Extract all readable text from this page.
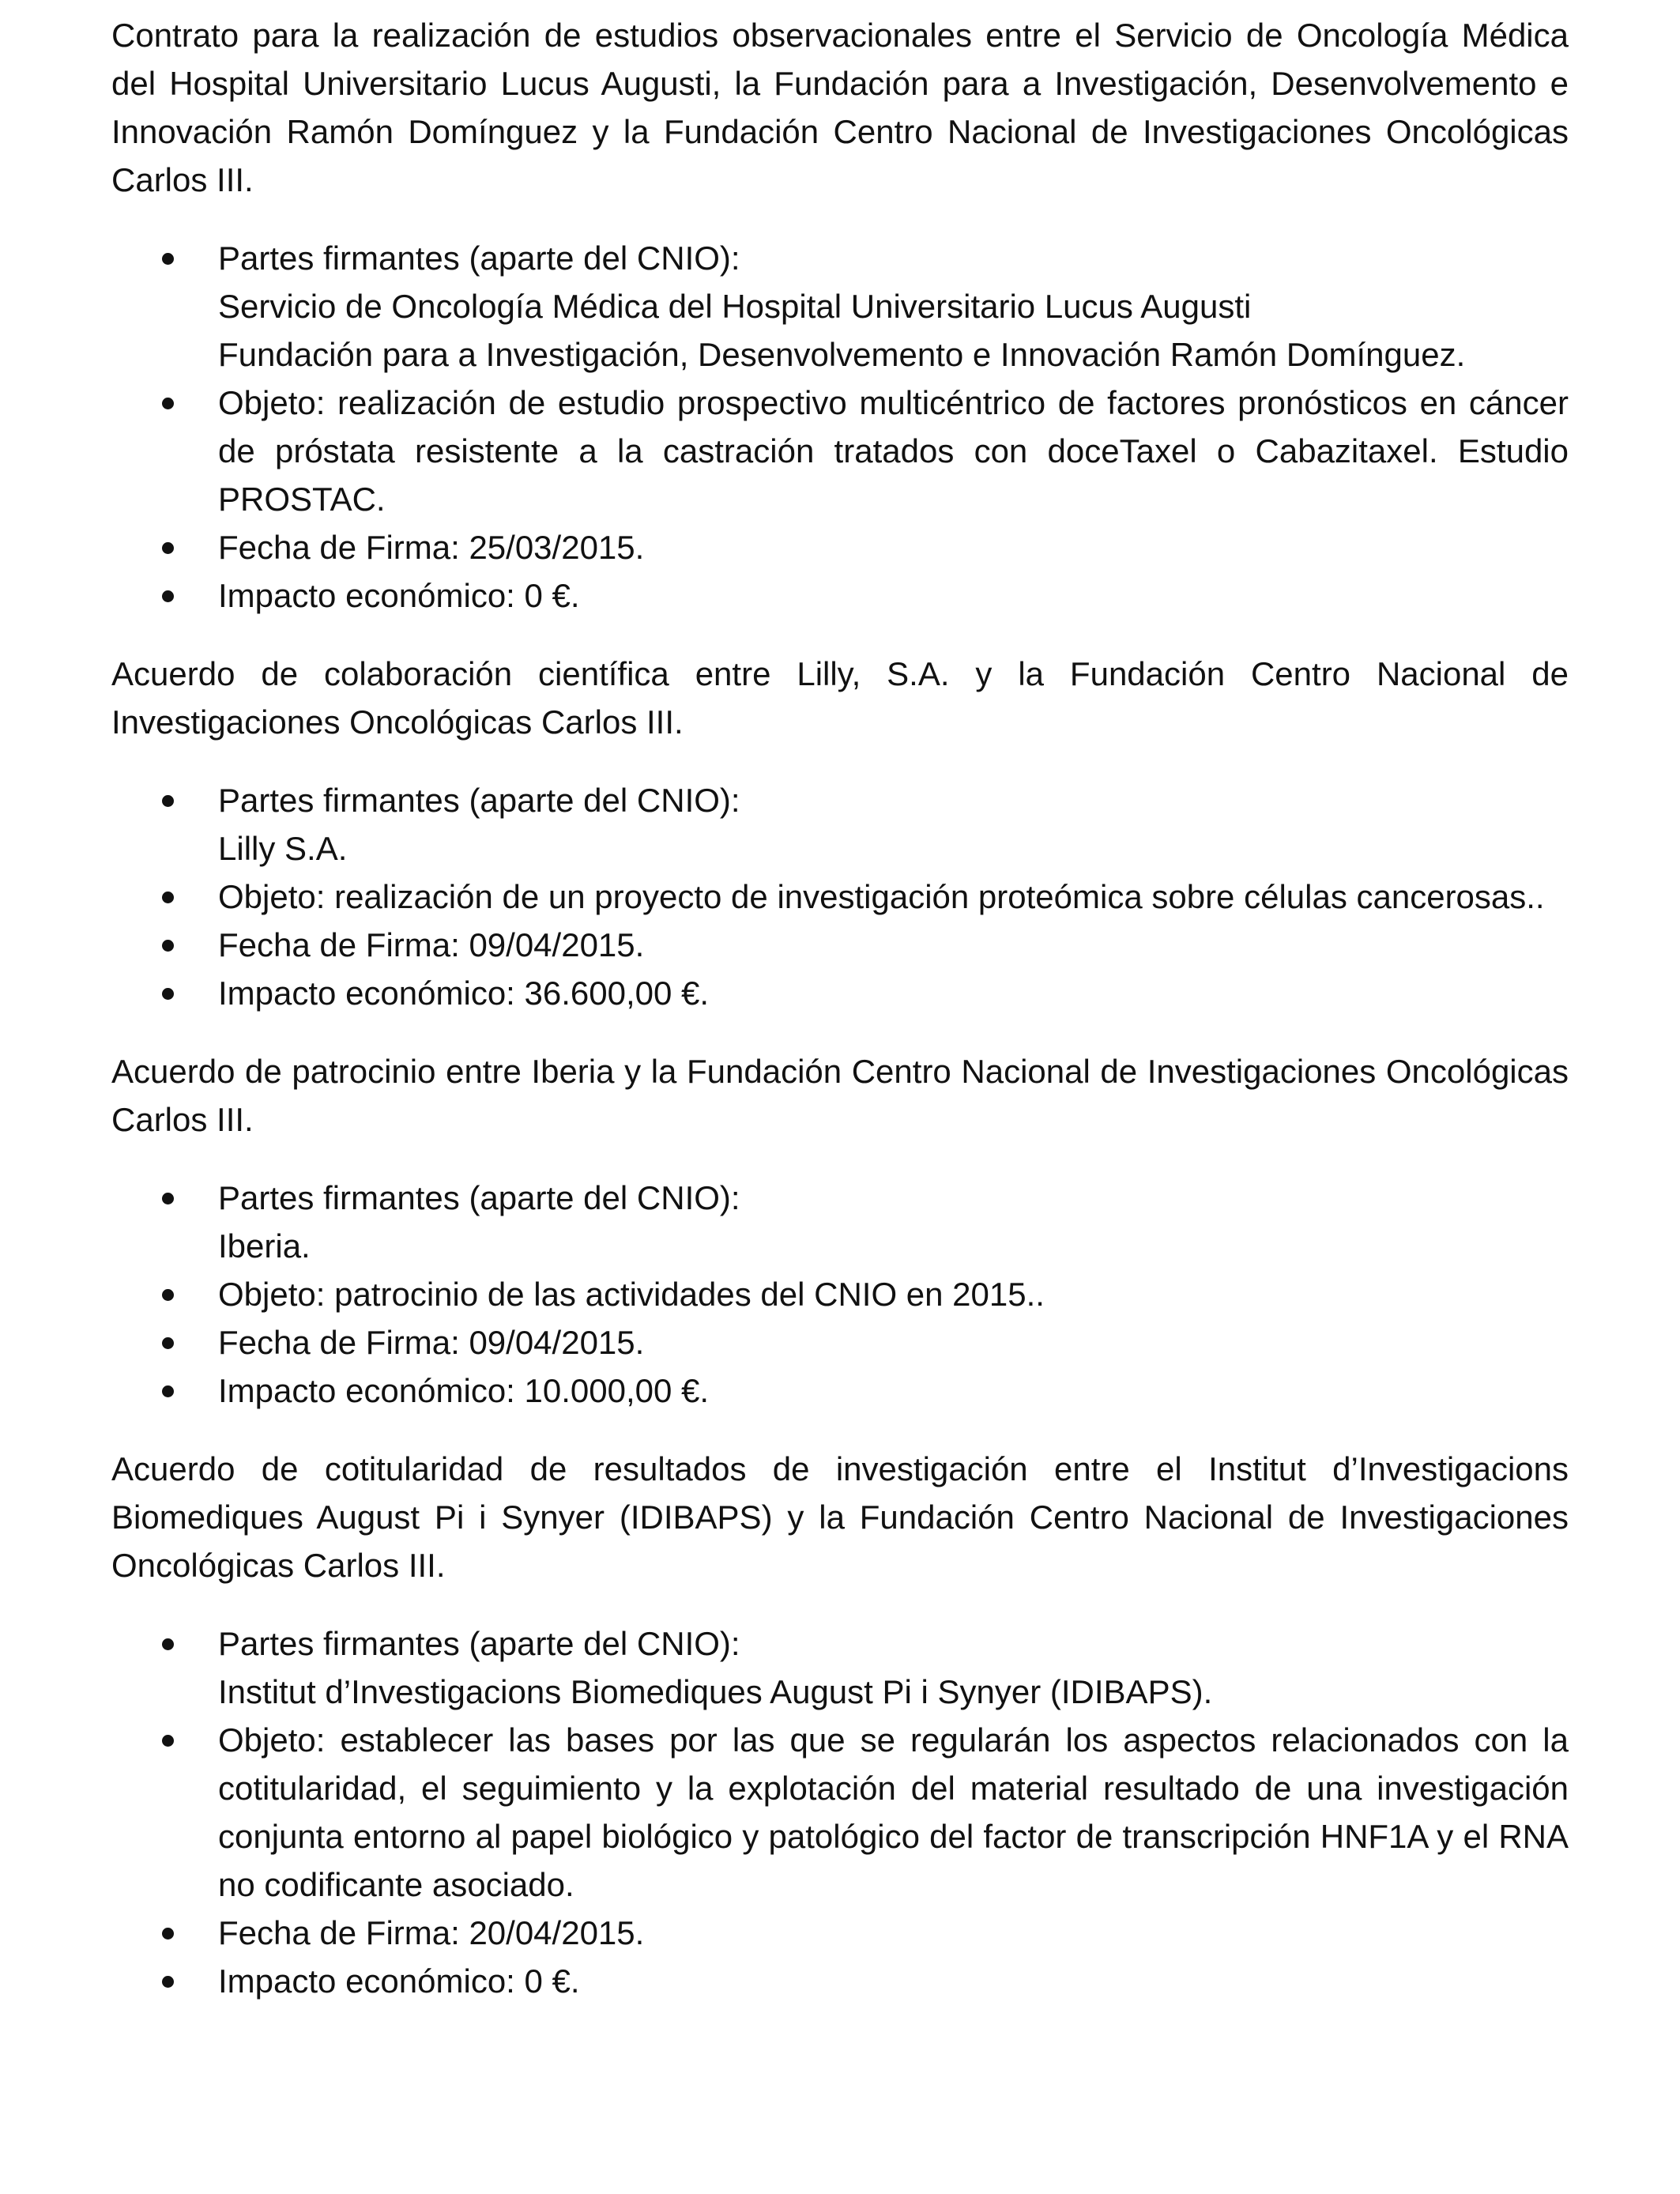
Contrato para la realización de estudios observacionales entre el Servicio de Oncología Médica del Hospital Universitario Lucus Augusti, la Fundación para a Investigación, Desenvolvemento e Innovación Ramón Domínguez y la Fundación Centro Nacional de Investigaciones Oncológicas Carlos III.

Partes firmantes (aparte del CNIO):
Servicio de Oncología Médica del Hospital Universitario Lucus Augusti
Fundación para a Investigación, Desenvolvemento e Innovación Ramón Domínguez.
Objeto: realización de estudio prospectivo multicéntrico de factores pronósticos en cáncer de próstata resistente a la castración tratados con doceTaxel o Cabazitaxel. Estudio PROSTAC.
Fecha de Firma: 25/03/2015.
Impacto económico: 0 €.

Acuerdo de colaboración científica entre Lilly, S.A. y la Fundación Centro Nacional de Investigaciones Oncológicas Carlos III.

Partes firmantes (aparte del CNIO):
Lilly S.A.
Objeto: realización de un proyecto de investigación proteómica sobre células cancerosas..
Fecha de Firma: 09/04/2015.
Impacto económico: 36.600,00 €.

Acuerdo de patrocinio entre Iberia y la Fundación Centro Nacional de Investigaciones Oncológicas Carlos III.

Partes firmantes (aparte del CNIO):
Iberia.
Objeto: patrocinio de las actividades del CNIO en 2015..
Fecha de Firma: 09/04/2015.
Impacto económico: 10.000,00 €.

Acuerdo de cotitularidad de resultados de investigación entre el Institut d’Investigacions Biomediques August Pi i Synyer (IDIBAPS) y la Fundación Centro Nacional de Investigaciones Oncológicas Carlos III.

Partes firmantes (aparte del CNIO):
Institut d’Investigacions Biomediques August Pi i Synyer (IDIBAPS).
Objeto: establecer las bases por las que se regularán los aspectos relacionados con la cotitularidad, el seguimiento y la explotación del material resultado de una investigación conjunta entorno al papel biológico y patológico del factor de transcripción HNF1A y el RNA no codificante asociado.
Fecha de Firma: 20/04/2015.
Impacto económico: 0 €.
